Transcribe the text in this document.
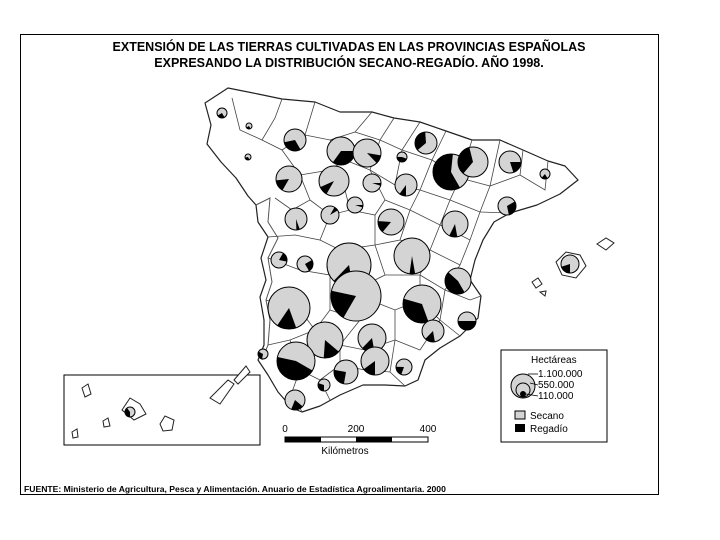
EXTENSIÓN DE LAS TIERRAS CULTIVADAS EN LAS PROVINCIAS ESPAÑOLAS
EXPRESANDO LA DISTRIBUCIÓN SECANO-REGADÍO. AÑO 1998.
Hectáreas
1.100.000
550.000
110.000
Secano
Regadío
0	200	400
Kilómetros
FUENTE: Ministerio de Agricultura, Pesca y Alimentación. Anuario de Estadística Agroalimentaria. 2000
